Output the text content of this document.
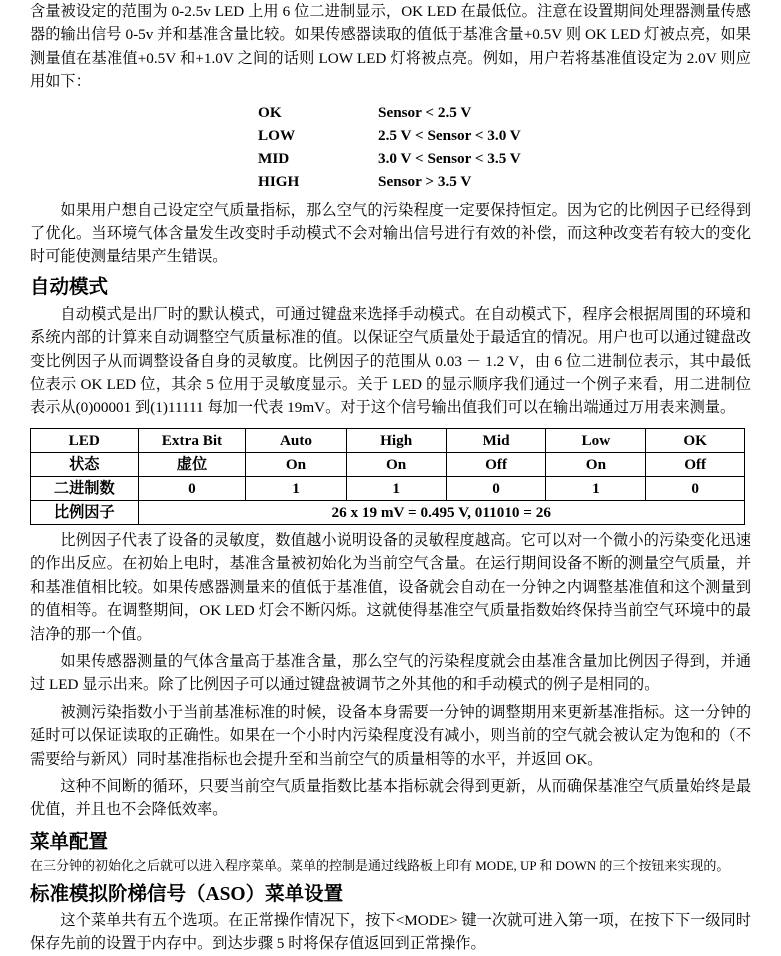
含量被设定的范围为 0-2.5v LED 上用 6 位二进制显示，OK LED 在最低位。注意在设置期间处理器测量传感器的输出信号 0-5v 并和基准含量比较。如果传感器读取的值低于基准含量+0.5V 则 OK LED 灯被点亮，如果测量值在基准值+0.5V 和+1.0V 之间的话则 LOW LED 灯将被点亮。例如，用户若将基准值设定为 2.0V 则应用如下：

OK	Sensor < 2.5 V
LOW	2.5 V < Sensor < 3.0 V
MID	3.0 V < Sensor < 3.5 V
HIGH	Sensor > 3.5 V

如果用户想自己设定空气质量指标，那么空气的污染程度一定要保持恒定。因为它的比例因子已经得到了优化。当环境气体含量发生改变时手动模式不会对输出信号进行有效的补偿，而这种改变若有较大的变化时可能使测量结果产生错误。

自动模式

自动模式是出厂时的默认模式，可通过键盘来选择手动模式。在自动模式下，程序会根据周围的环境和系统内部的计算来自动调整空气质量标准的值。以保证空气质量处于最适宜的情况。用户也可以通过键盘改变比例因子从而调整设备自身的灵敏度。比例因子的范围从 0.03 － 1.2 V，由 6 位二进制位表示，其中最低位表示 OK LED 位，其余 5 位用于灵敏度显示。关于 LED 的显示顺序我们通过一个例子来看，用二进制位表示从(0)00001 到(1)11111 每加一代表 19mV。对于这个信号输出值我们可以在输出端通过万用表来测量。

LED	Extra Bit	Auto	High	Mid	Low	OK
状态	虚位	On	On	Off	On	Off
二进制数	0	1	1	0	1	0
比例因子	26 x 19 mV = 0.495 V, 011010 = 26					

比例因子代表了设备的灵敏度，数值越小说明设备的灵敏程度越高。它可以对一个微小的污染变化迅速的作出反应。在初始上电时，基准含量被初始化为当前空气含量。在运行期间设备不断的测量空气质量，并和基准值相比较。如果传感器测量来的值低于基准值，设备就会自动在一分钟之内调整基准值和这个测量到的值相等。在调整期间，OK LED 灯会不断闪烁。这就使得基准空气质量指数始终保持当前空气环境中的最洁净的那一个值。

如果传感器测量的气体含量高于基准含量，那么空气的污染程度就会由基准含量加比例因子得到，并通过 LED 显示出来。除了比例因子可以通过键盘被调节之外其他的和手动模式的例子是相同的。

被测污染指数小于当前基准标准的时候，设备本身需要一分钟的调整期用来更新基准指标。这一分钟的延时可以保证读取的正确性。如果在一个小时内污染程度没有减小，则当前的空气就会被认定为饱和的（不需要给与新风）同时基准指标也会提升至和当前空气的质量相等的水平，并返回 OK。

这种不间断的循环，只要当前空气质量指数比基本指标就会得到更新，从而确保基准空气质量始终是最优值，并且也不会降低效率。

菜单配置

在三分钟的初始化之后就可以进入程序菜单。菜单的控制是通过线路板上印有 MODE, UP 和 DOWN 的三个按钮来实现的。

标准模拟阶梯信号（ASO）菜单设置

这个菜单共有五个选项。在正常操作情况下，按下<MODE> 键一次就可进入第一项，在按下下一级同时保存先前的设置于内存中。到达步骤 5 时将保存值返回到正常操作。
